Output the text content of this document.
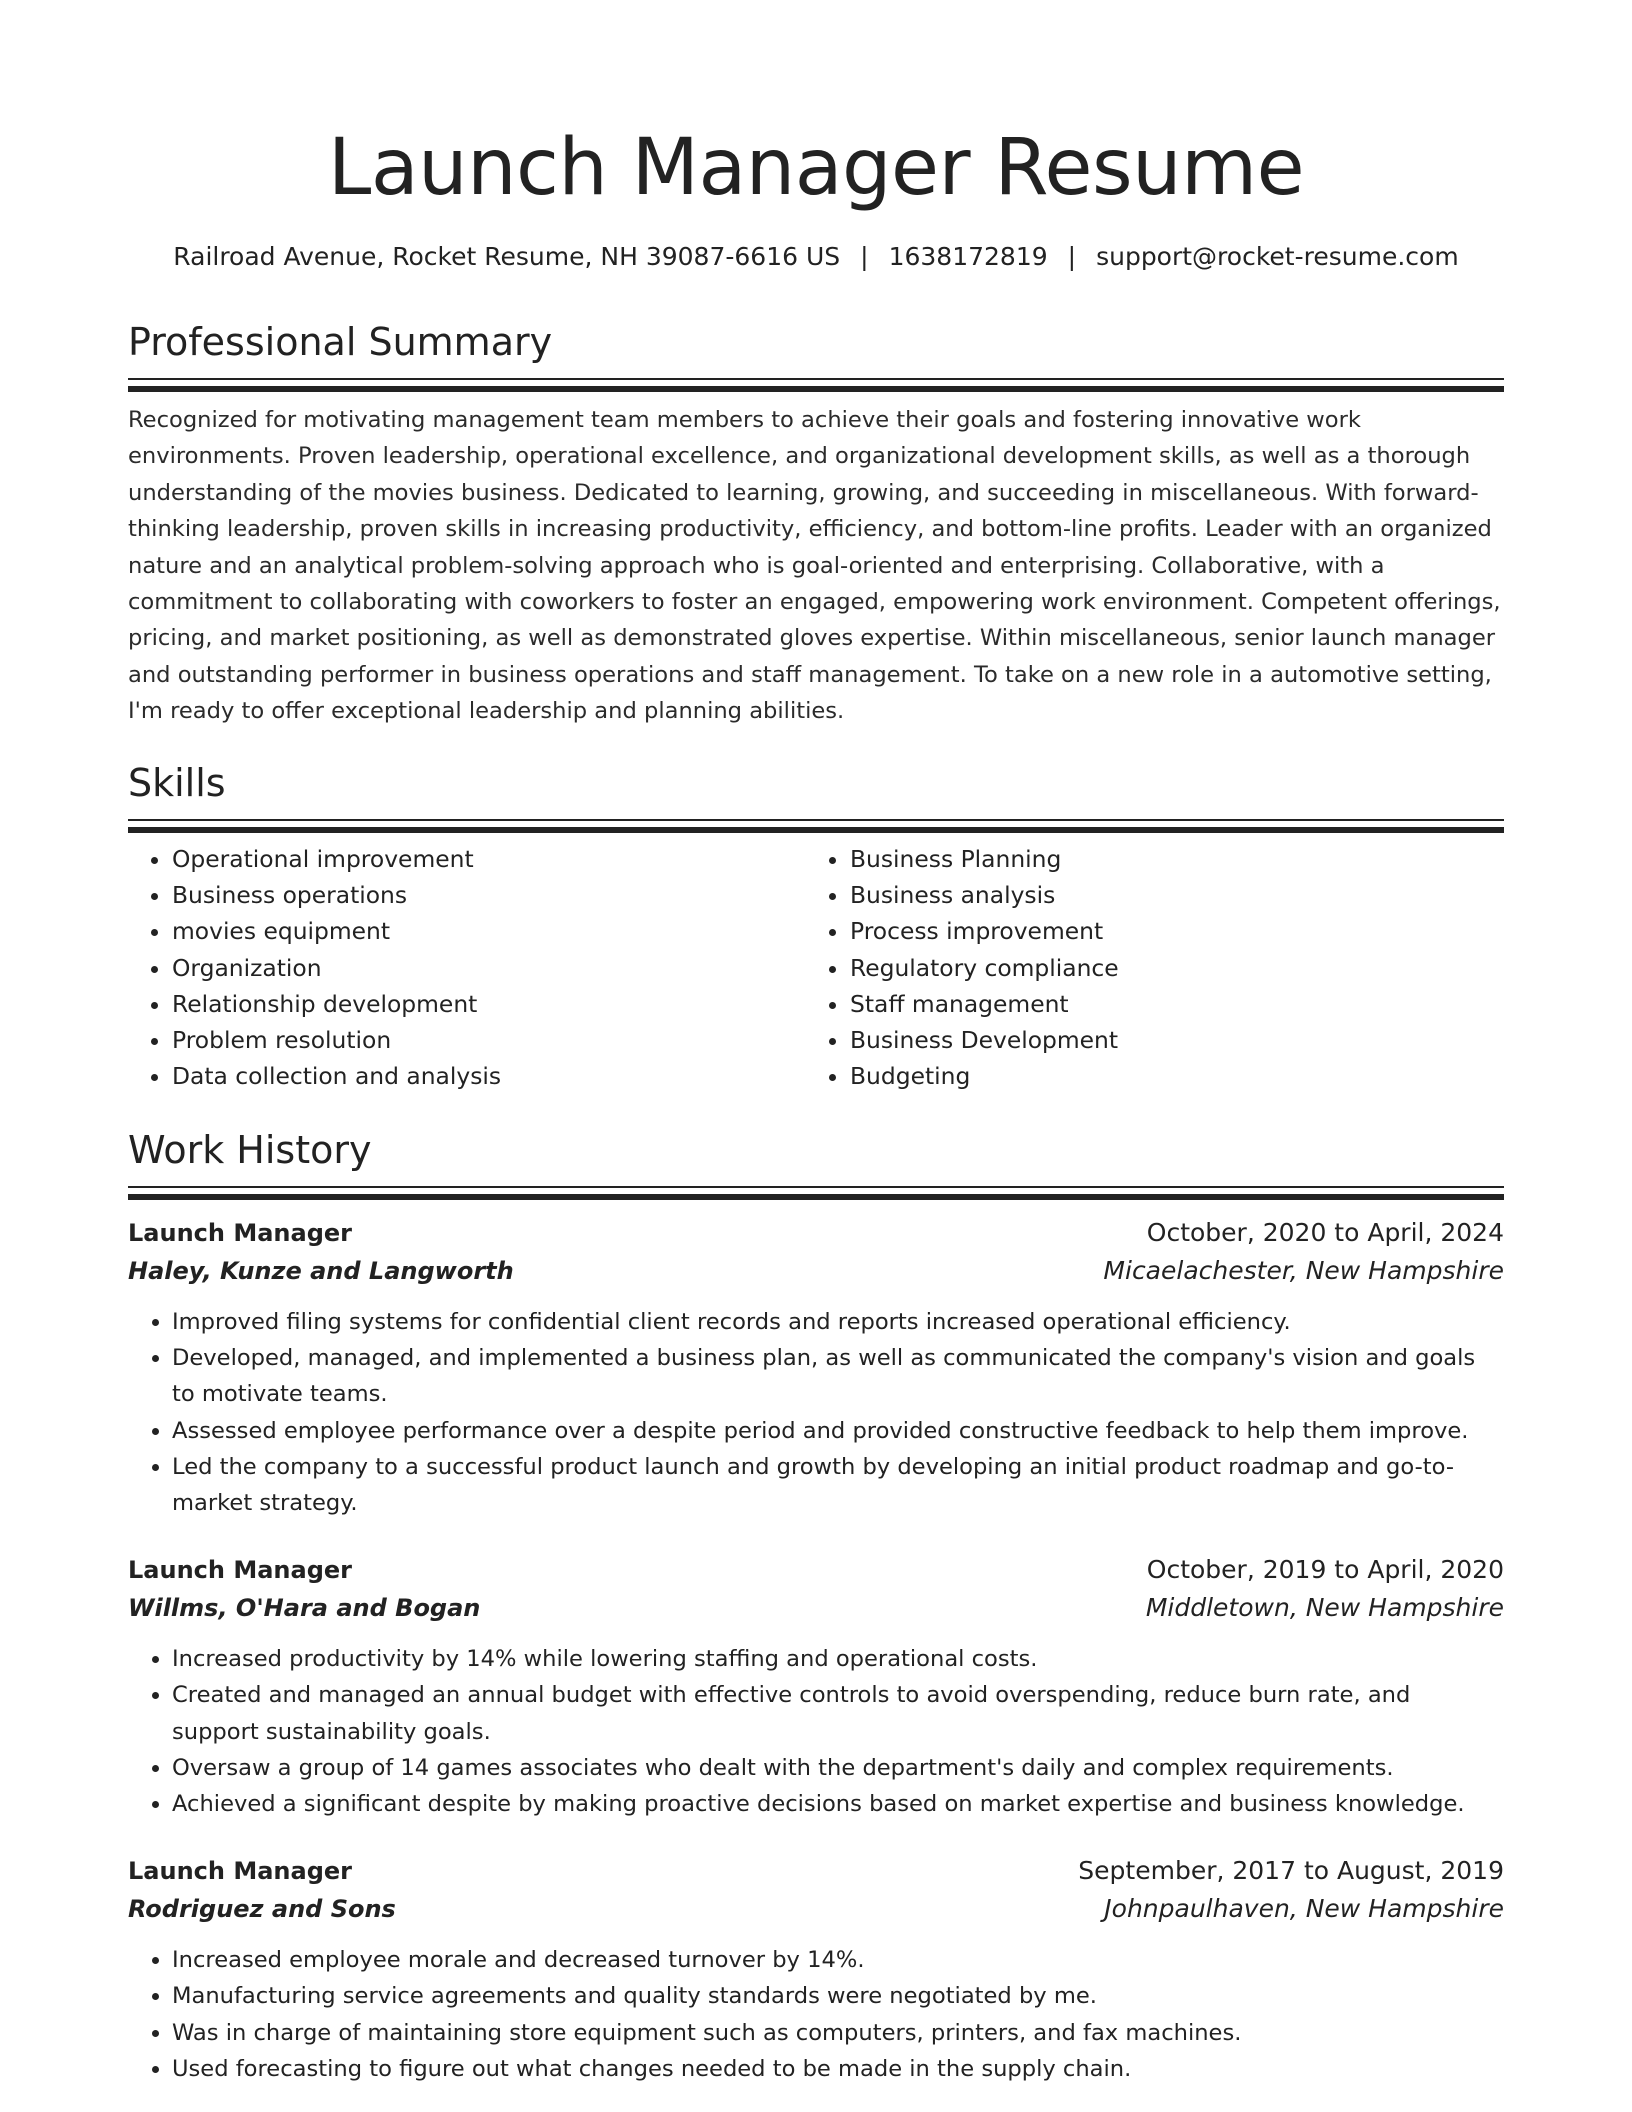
Launch Manager Resume
Railroad Avenue, Rocket Resume, NH 39087-6616 US | 1638172819 | support@rocket-resume.com
Professional Summary

Recognized for motivating management team members to achieve their goals and fostering innovative work environments. Proven leadership, operational excellence, and organizational development skills, as well as a thorough understanding of the movies business. Dedicated to learning, growing, and succeeding in miscellaneous. With forward-thinking leadership, proven skills in increasing productivity, efficiency, and bottom-line profits. Leader with an organized nature and an analytical problem-solving approach who is goal-oriented and enterprising. Collaborative, with a commitment to collaborating with coworkers to foster an engaged, empowering work environment. Competent offerings, pricing, and market positioning, as well as demonstrated gloves expertise. Within miscellaneous, senior launch manager and outstanding performer in business operations and staff management. To take on a new role in a automotive setting, I'm ready to offer exceptional leadership and planning abilities.

Skills
• Operational improvement
• Business operations
• movies equipment
• Organization
• Relationship development
• Problem resolution
• Data collection and analysis
• Business Planning
• Business analysis
• Process improvement
• Regulatory compliance
• Staff management
• Business Development
• Budgeting
Work History
Launch Manager	October, 2020 to April, 2024
Haley, Kunze and Langworth	Micaelachester, New Hampshire
• Improved filing systems for confidential client records and reports increased operational efficiency.
• Developed, managed, and implemented a business plan, as well as communicated the company's vision and goals to motivate teams.
• Assessed employee performance over a despite period and provided constructive feedback to help them improve.
• Led the company to a successful product launch and growth by developing an initial product roadmap and go-to-market strategy.
Launch Manager	October, 2019 to April, 2020
Willms, O'Hara and Bogan	Middletown, New Hampshire
• Increased productivity by 14% while lowering staffing and operational costs.
• Created and managed an annual budget with effective controls to avoid overspending, reduce burn rate, and support sustainability goals.
• Oversaw a group of 14 games associates who dealt with the department's daily and complex requirements.
• Achieved a significant despite by making proactive decisions based on market expertise and business knowledge.
Launch Manager	September, 2017 to August, 2019
Rodriguez and Sons	Johnpaulhaven, New Hampshire
• Increased employee morale and decreased turnover by 14%.
• Manufacturing service agreements and quality standards were negotiated by me.
• Was in charge of maintaining store equipment such as computers, printers, and fax machines.
• Used forecasting to figure out what changes needed to be made in the supply chain.
